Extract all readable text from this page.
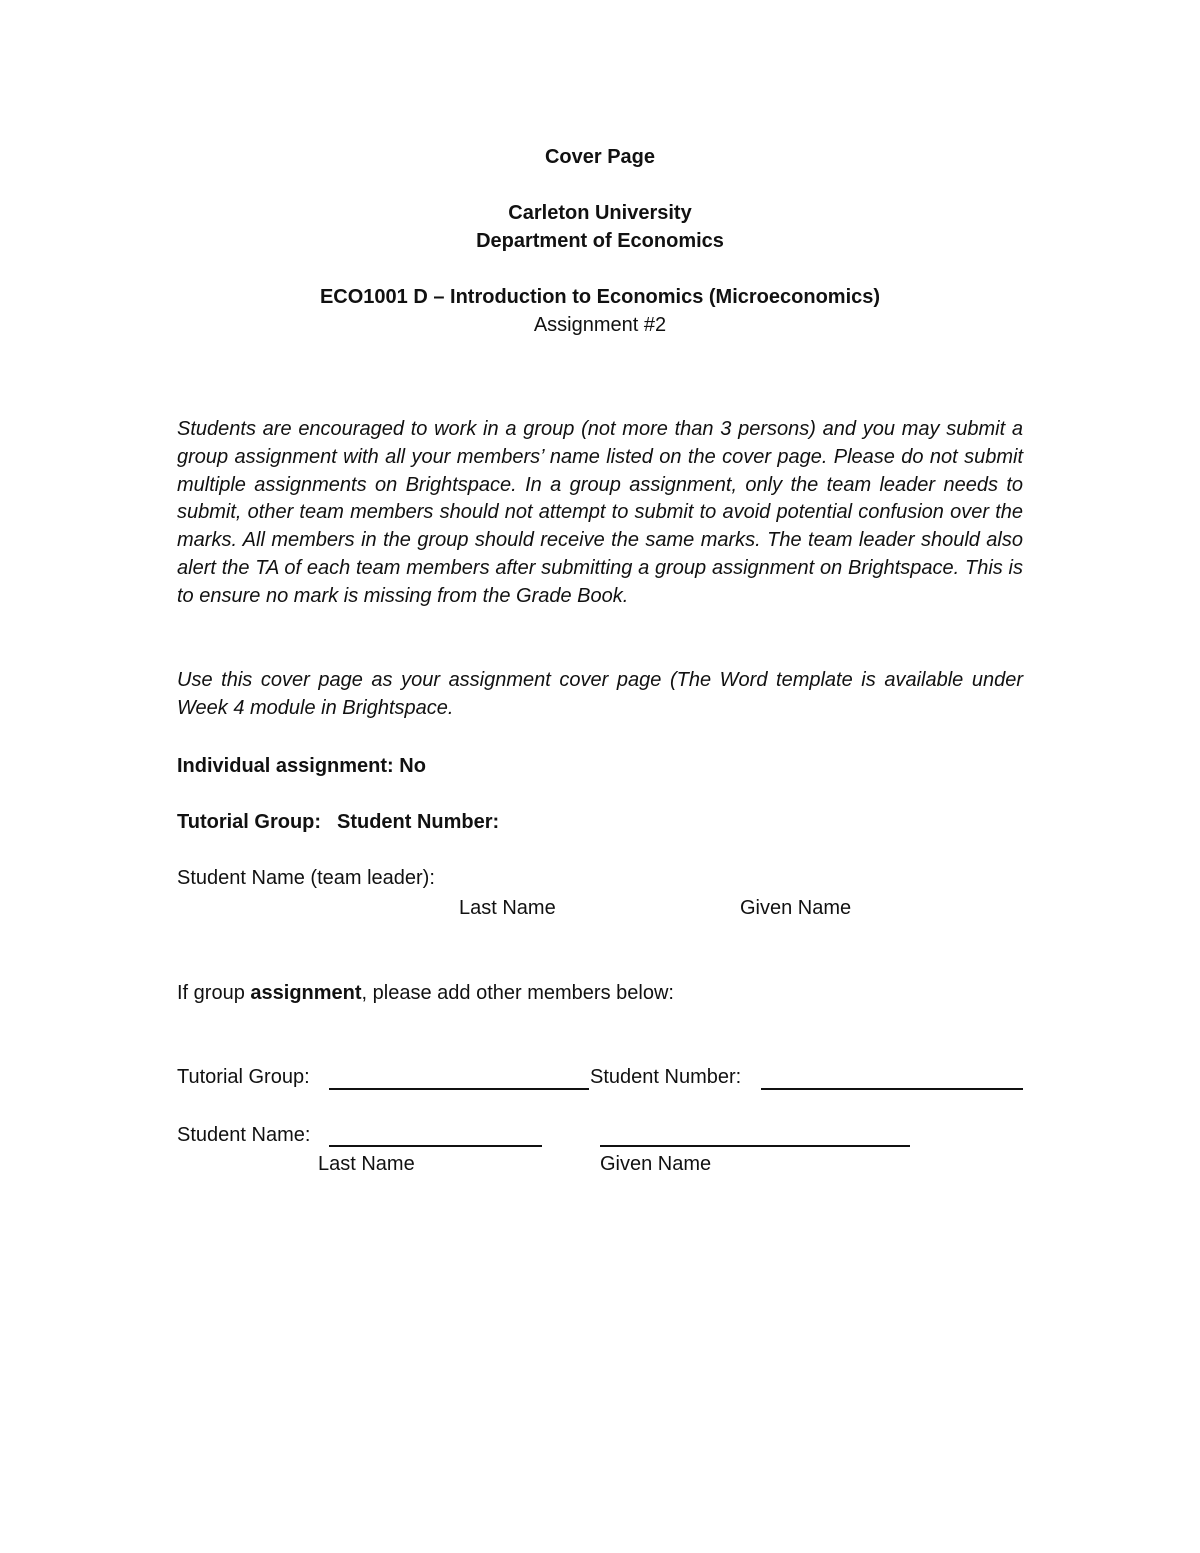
Cover Page
Carleton University
Department of Economics
ECO1001 D – Introduction to Economics (Microeconomics)
Assignment #2

Students are encouraged to work in a group (not more than 3 persons) and you may submit a group assignment with all your members’ name listed on the cover page. Please do not submit multiple assignments on Brightspace. In a group assignment, only the team leader needs to submit, other team members should not attempt to submit to avoid potential confusion over the marks. All members in the group should receive the same marks. The team leader should also alert the TA of each team members after submitting a group assignment on Brightspace. This is to ensure no mark is missing from the Grade Book.

Use this cover page as your assignment cover page (The Word template is available under Week 4 module in Brightspace.

Individual assignment: No
Tutorial Group: Student Number:
Student Name (team leader):
Last Name	Given Name
If group assignment, please add other members below:
Tutorial Group:	Student Number:
Student Name:
Last Name	Given Name
